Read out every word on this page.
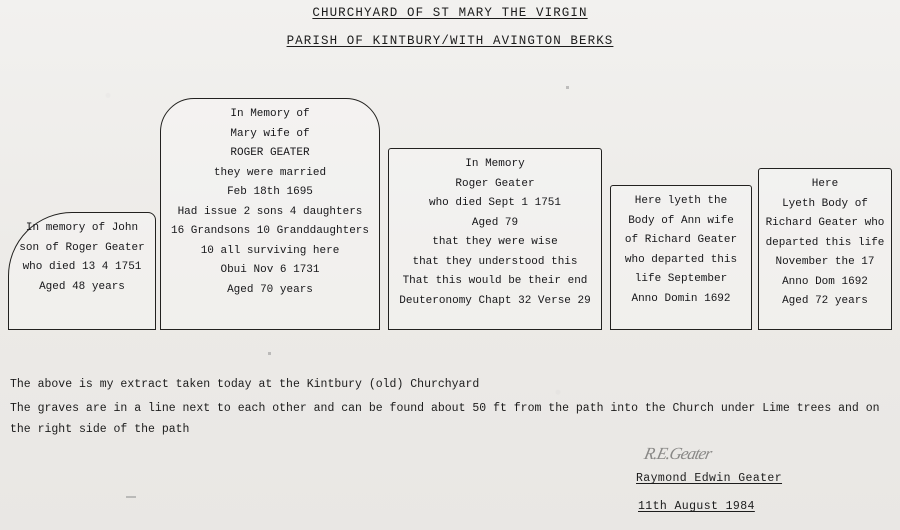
CHURCHYARD OF ST MARY THE VIRGIN
PARISH OF KINTBURY/WITH AVINGTON BERKS
In memory of John
son of Roger Geater
who died 13 4 1751
Aged 48 years
In Memory of
Mary wife of
ROGER GEATER
they were married
Feb 18th 1695
Had issue 2 sons 4 daughters
16 Grandsons 10 Granddaughters
10 all surviving here
Obui Nov 6 1731
Aged 70 years
In Memory
Roger Geater
who died Sept 1 1751
Aged 79
that they were wise
that they understood this
That this would be their end
Deuteronomy Chapt 32 Verse 29
Here lyeth the
Body of Ann wife
of Richard Geater
who departed this
life September
Anno Domin 1692
Here
Lyeth Body of
Richard Geater who
departed this life
November the 17
Anno Dom 1692
Aged 72 years
The above is my extract taken today at the Kintbury (old) Churchyard
The graves are in a line next to each other and can be found about 50 ft from the path into the Church under Lime trees and on the right side of the path
R.E.Geater
Raymond Edwin Geater
11th August 1984
